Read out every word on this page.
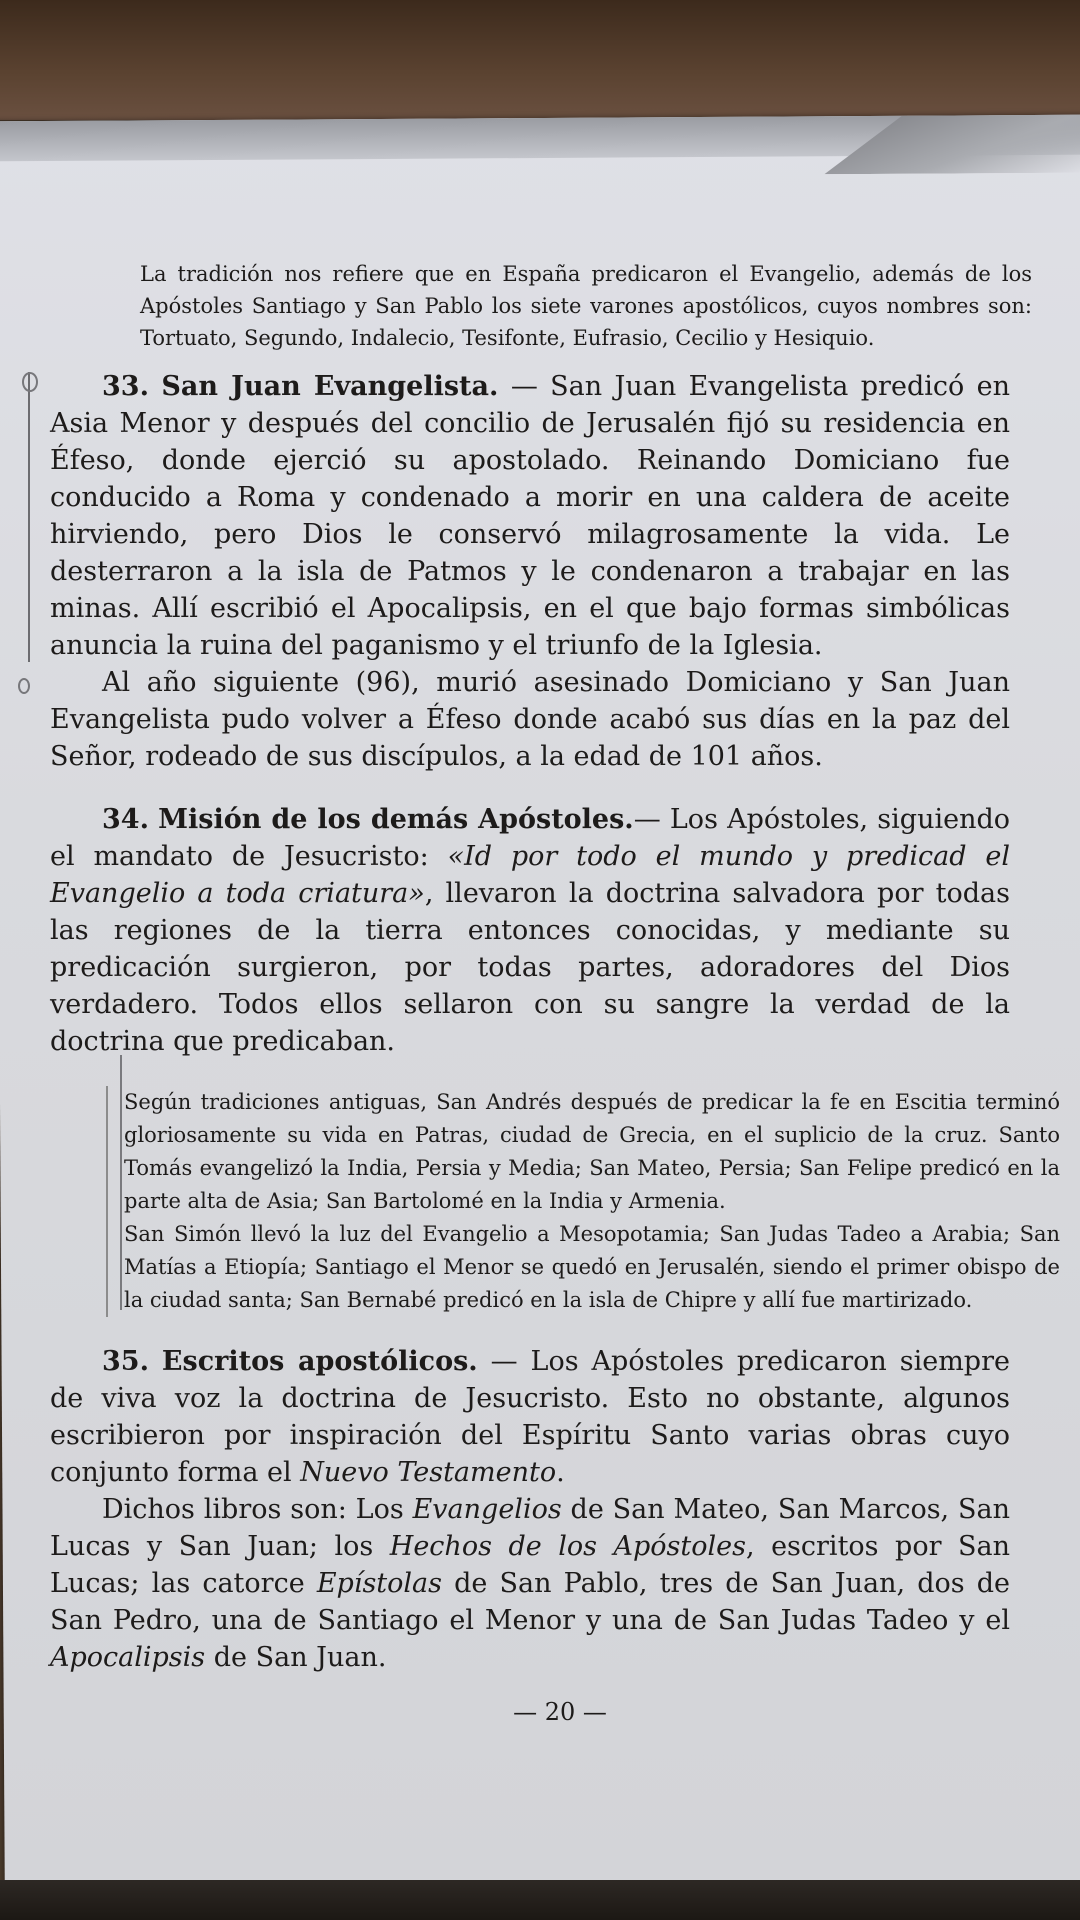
La tradición nos refiere que en España predicaron el Evangelio, además de los Apóstoles Santiago y San Pablo los siete varones apostólicos, cuyos nombres son: Tortuato, Segundo, Indalecio, Tesifonte, Eufrasio, Cecilio y Hesiquio.

33. San Juan Evangelista. — San Juan Evangelista predicó en Asia Menor y después del concilio de Jerusalén fijó su residencia en Éfeso, donde ejerció su apostolado. Reinando Domiciano fue conducido a Roma y condenado a morir en una caldera de aceite hirviendo, pero Dios le conservó milagrosamente la vida. Le desterraron a la isla de Patmos y le condenaron a trabajar en las minas. Allí escribió el Apocalipsis, en el que bajo formas simbólicas anuncia la ruina del paganismo y el triunfo de la Iglesia.

Al año siguiente (96), murió asesinado Domiciano y San Juan Evangelista pudo volver a Éfeso donde acabó sus días en la paz del Señor, rodeado de sus discípulos, a la edad de 101 años.

34. Misión de los demás Apóstoles.— Los Apóstoles, siguiendo el mandato de Jesucristo: «Id por todo el mundo y predicad el Evangelio a toda criatura», llevaron la doctrina salvadora por todas las regiones de la tierra entonces conocidas, y mediante su predicación surgieron, por todas partes, adoradores del Dios verdadero. Todos ellos sellaron con su sangre la verdad de la doctrina que predicaban.

Según tradiciones antiguas, San Andrés después de predicar la fe en Escitia terminó gloriosamente su vida en Patras, ciudad de Grecia, en el suplicio de la cruz. Santo Tomás evangelizó la India, Persia y Media; San Mateo, Persia; San Felipe predicó en la parte alta de Asia; San Bartolomé en la India y Armenia.
San Simón llevó la luz del Evangelio a Mesopotamia; San Judas Tadeo a Arabia; San Matías a Etiopía; Santiago el Menor se quedó en Jerusalén, siendo el primer obispo de la ciudad santa; San Bernabé predicó en la isla de Chipre y allí fue martirizado.

35. Escritos apostólicos. — Los Apóstoles predicaron siempre de viva voz la doctrina de Jesucristo. Esto no obstante, algunos escribieron por inspiración del Espíritu Santo varias obras cuyo conjunto forma el Nuevo Testamento.

Dichos libros son: Los Evangelios de San Mateo, San Marcos, San Lucas y San Juan; los Hechos de los Apóstoles, escritos por San Lucas; las catorce Epístolas de San Pablo, tres de San Juan, dos de San Pedro, una de Santiago el Menor y una de San Judas Tadeo y el Apocalipsis de San Juan.

— 20 —
